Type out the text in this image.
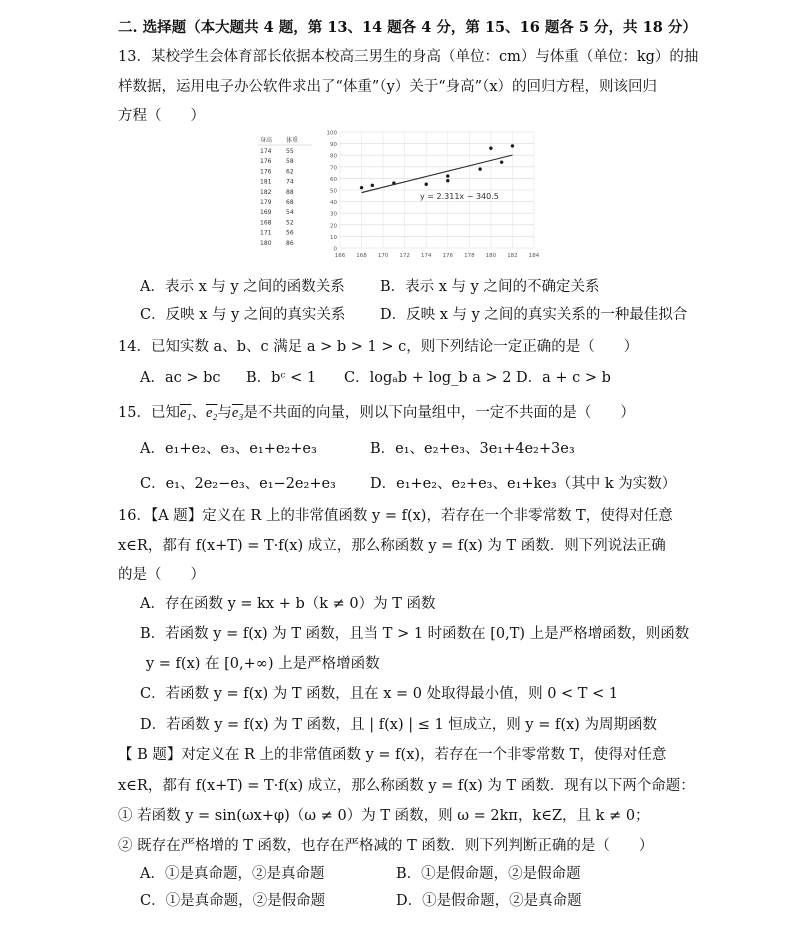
二. 选择题（本大题共 4 题，第 13、14 题各 4 分，第 15、16 题各 5 分，共 18 分）
13．某校学生会体育部长依据本校高三男生的身高（单位：cm）与体重（单位：kg）的抽
样数据，运用电子办公软件求出了“体重”（y）关于“身高”（x）的回归方程，则该回归
方程（　　）
身高 体重
174 55
176 58
176 62
181 74
182 88
179 68
169 54
168 52
171 56
180 86
0
10
20
30
40
50
60
70
80
90
100
166 168 170 172 174 176 178 180 182 184
y = 2.311x − 340.5
A．表示 x 与 y 之间的函数关系 B．表示 x 与 y 之间的不确定关系
C．反映 x 与 y 之间的真实关系 D．反映 x 与 y 之间的真实关系的一种最佳拟合
14．已知实数 a、b、c 满足 a > b > 1 > c，则下列结论一定正确的是（　　）
A．ac > bc B．bᶜ < 1 C．logₐb + log_b a > 2 D．a + c > b
15．已知e₁、e₂与e₃是不共面的向量，则以下向量组中，一定不共面的是（　　）
A．e₁+e₂、e₃、e₁+e₂+e₃	B．e₁、e₂+e₃、3e₁+4e₂+3e₃
C．e₁、2e₂−e₃、e₁−2e₂+e₃ D．e₁+e₂、e₂+e₃、e₁+ke₃（其中 k 为实数）
16．【A 题】定义在 R 上的非常值函数 y = f(x)，若存在一个非零常数 T，使得对任意
x∈R，都有 f(x+T) = T·f(x) 成立，那么称函数 y = f(x) 为 T 函数．则下列说法正确
的是（　　）
A．存在函数 y = kx + b（k ≠ 0）为 T 函数
B．若函数 y = f(x) 为 T 函数，且当 T > 1 时函数在 [0,T) 上是严格增函数，则函数
y = f(x) 在 [0,+∞) 上是严格增函数
C．若函数 y = f(x) 为 T 函数，且在 x = 0 处取得最小值，则 0 < T < 1
D．若函数 y = f(x) 为 T 函数，且 | f(x) | ≤ 1 恒成立，则 y = f(x) 为周期函数
【 B 题】对定义在 R 上的非常值函数 y = f(x)，若存在一个非零常数 T，使得对任意
x∈R，都有 f(x+T) = T·f(x) 成立，那么称函数 y = f(x) 为 T 函数．现有以下两个命题：
① 若函数 y = sin(ωx+φ)（ω ≠ 0）为 T 函数，则 ω = 2kπ，k∈Z，且 k ≠ 0；
② 既存在严格增的 T 函数，也存在严格减的 T 函数．则下列判断正确的是（　　）
A．①是真命题，②是真命题	B．①是假命题，②是假命题
C．①是真命题，②是假命题	D．①是假命题，②是真命题
